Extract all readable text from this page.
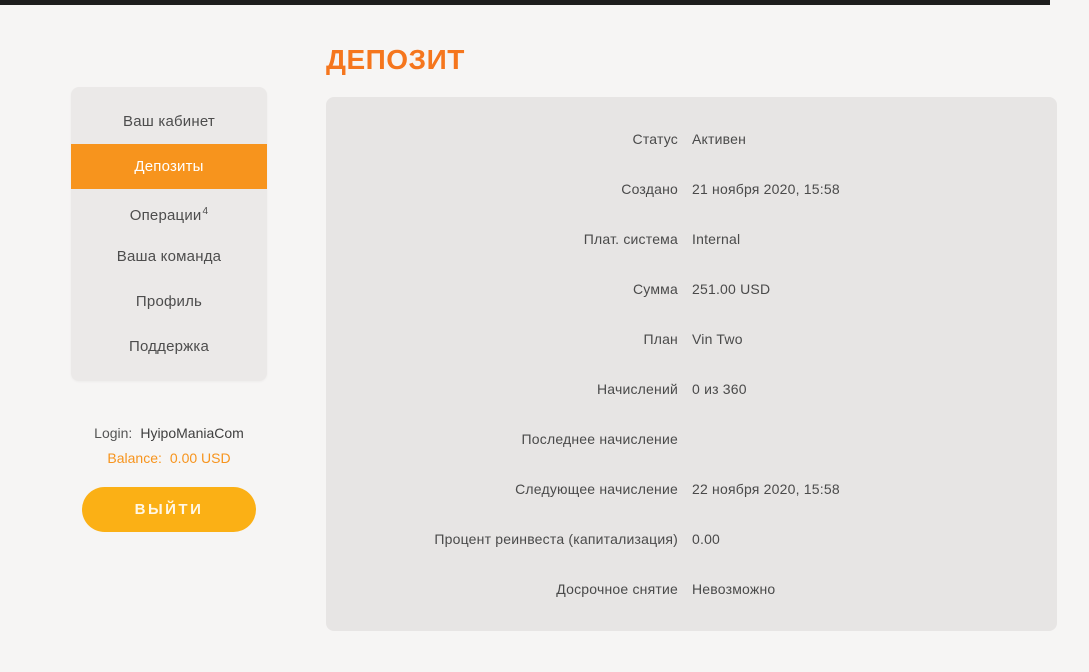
Ваш кабинет
Депозиты
Операции$^4$
Ваша команда
Профиль
Поддержка
Login: HyipoManiaCom
Balance: 0.00 USD
ВЫЙТИ
ДЕПОЗИТ
Статус Активен
Создано 21 ноября 2020, 15:58
Плат. система Internal
Сумма 251.00 USD
План Vin Two
Начислений 0 из 360
Последнее начисление
Следующее начисление 22 ноября 2020, 15:58
Процент реинвеста (капитализация) 0.00
Досрочное снятие Невозможно
